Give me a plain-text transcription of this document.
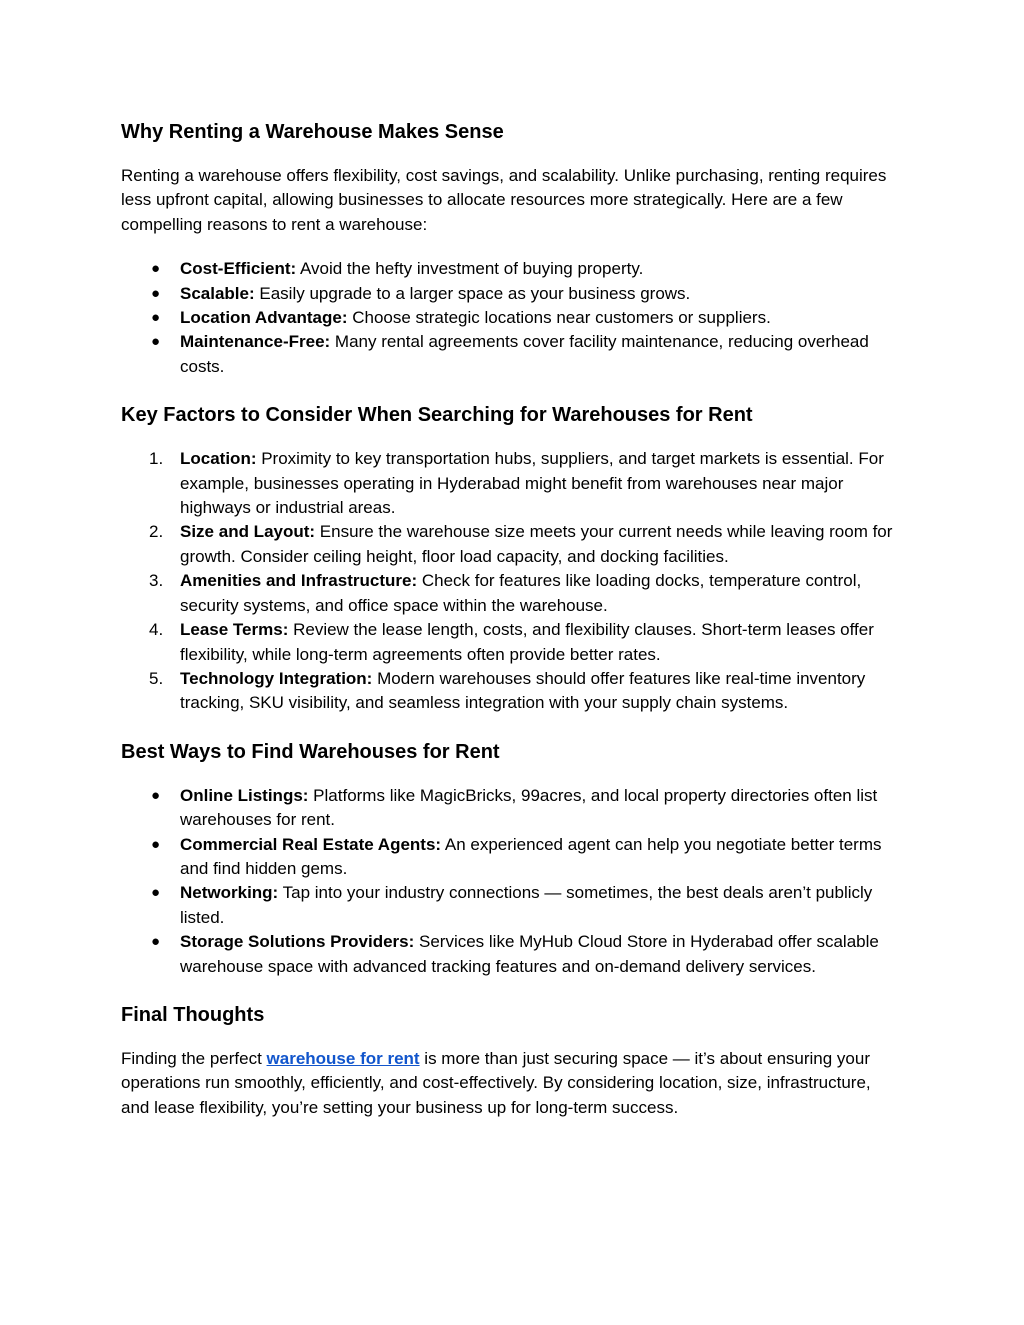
Why Renting a Warehouse Makes Sense

Renting a warehouse offers flexibility, cost savings, and scalability. Unlike purchasing, renting requires less upfront capital, allowing businesses to allocate resources more strategically. Here are a few compelling reasons to rent a warehouse:

● Cost-Efficient: Avoid the hefty investment of buying property.
● Scalable: Easily upgrade to a larger space as your business grows.
● Location Advantage: Choose strategic locations near customers or suppliers.
● Maintenance-Free: Many rental agreements cover facility maintenance, reducing overhead costs.
Key Factors to Consider When Searching for Warehouses for Rent
1. Location: Proximity to key transportation hubs, suppliers, and target markets is essential. For example, businesses operating in Hyderabad might benefit from warehouses near major highways or industrial areas.
2. Size and Layout: Ensure the warehouse size meets your current needs while leaving room for growth. Consider ceiling height, floor load capacity, and docking facilities.
3. Amenities and Infrastructure: Check for features like loading docks, temperature control, security systems, and office space within the warehouse.
4. Lease Terms: Review the lease length, costs, and flexibility clauses. Short-term leases offer flexibility, while long-term agreements often provide better rates.
5. Technology Integration: Modern warehouses should offer features like real-time inventory tracking, SKU visibility, and seamless integration with your supply chain systems.
Best Ways to Find Warehouses for Rent
● Online Listings: Platforms like MagicBricks, 99acres, and local property directories often list warehouses for rent.
● Commercial Real Estate Agents: An experienced agent can help you negotiate better terms and find hidden gems.
● Networking: Tap into your industry connections — sometimes, the best deals aren’t publicly listed.
● Storage Solutions Providers: Services like MyHub Cloud Store in Hyderabad offer scalable warehouse space with advanced tracking features and on-demand delivery services.
Final Thoughts

Finding the perfect warehouse for rent is more than just securing space — it’s about ensuring your operations run smoothly, efficiently, and cost-effectively. By considering location, size, infrastructure, and lease flexibility, you’re setting your business up for long-term success.
